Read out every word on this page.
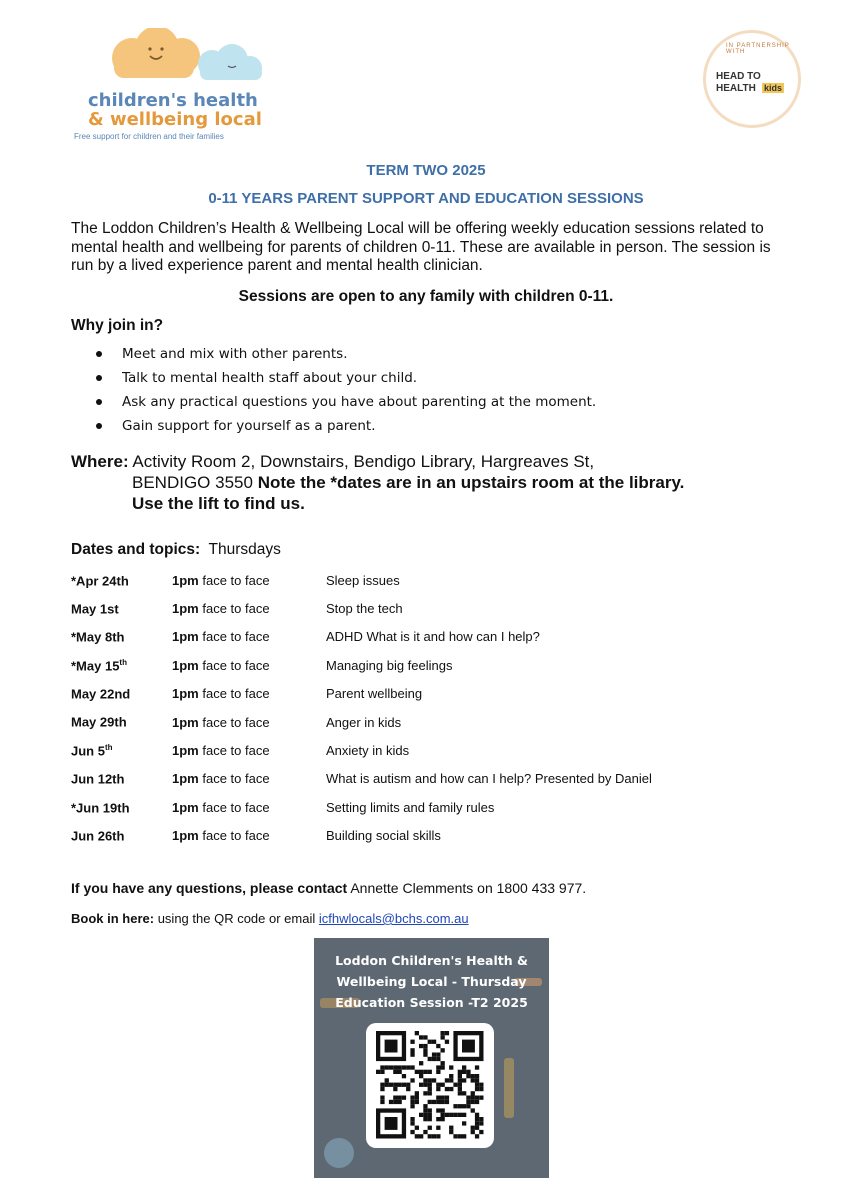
children's health
& wellbeing local
Free support for children and their families
IN PARTNERSHIP WITH
HEAD TO
HEALTH kids
TERM TWO 2025
0-11 YEARS PARENT SUPPORT AND EDUCATION SESSIONS
The Loddon Children’s Health & Wellbeing Local will be offering weekly education sessions related to mental health and wellbeing for parents of children 0-11. These are available in person. The session is run by a lived experience parent and mental health clinician.
Sessions are open to any family with children 0-11.
Why join in?
Meet and mix with other parents.
Talk to mental health staff about your child.
Ask any practical questions you have about parenting at the moment.
Gain support for yourself as a parent.
Where: Activity Room 2, Downstairs, Bendigo Library, Hargreaves St,
BENDIGO 3550 Note the *dates are in an upstairs room at the library.
Use the lift to find us.
Dates and topics: Thursdays
*Apr 24th	1pm face to face	Sleep issues
May 1st	1pm face to face	Stop the tech
*May 8th	1pm face to face	ADHD What is it and how can I help?
*May 15th	1pm face to face	Managing big feelings
May 22nd	1pm face to face	Parent wellbeing
May 29th	1pm face to face	Anger in kids
Jun 5th	1pm face to face	Anxiety in kids
Jun 12th	1pm face to face	What is autism and how can I help? Presented by Daniel
*Jun 19th	1pm face to face	Setting limits and family rules
Jun 26th	1pm face to face	Building social skills
If you have any questions, please contact Annette Clemments on 1800 433 977.
Book in here: using the QR code or email icfhwlocals@bchs.com.au
Loddon Children's Health &
Wellbeing Local - Thursday
Education Session -T2 2025
